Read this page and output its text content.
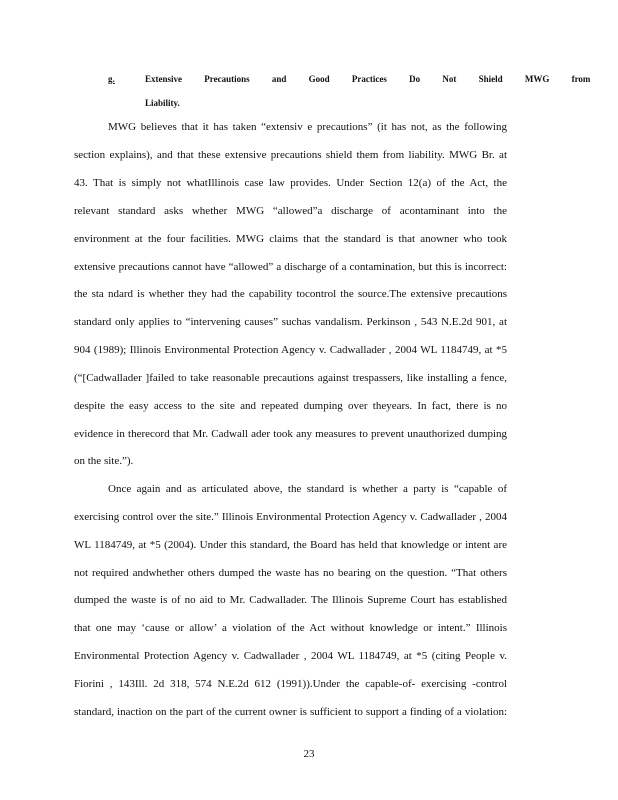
g.	Extensive Precautions and Good Practices Do Not Shield MWG from
Liability.
MWG believes that it has taken “extensiv e precautions” (it has not, as the following
section explains), and that these extensive precautions shield them from liability. MWG Br. at
43. That is simply not whatIllinois case law provides. Under Section 12(a) of the Act, the
relevant standard asks whether MWG “allowed”a discharge of acontaminant into the
environment at the four facilities. MWG claims that the standard is that anowner who took
extensive precautions cannot have “allowed” a discharge of a contamination, but this is incorrect:
the sta ndard is whether they had the capability tocontrol the source.The extensive precautions
standard only applies to “intervening causes” suchas vandalism. Perkinson , 543 N.E.2d 901, at
904 (1989); Illinois Environmental Protection Agency v. Cadwallader , 2004 WL 1184749, at *5
(“[Cadwallader ]failed to take reasonable precautions against trespassers, like installing a fence,
despite the easy access to the site and repeated dumping over theyears. In fact, there is no
evidence in therecord that Mr. Cadwall ader took any measures to prevent unauthorized dumping
on the site.”).
Once again and as articulated above, the standard is whether a party is “capable of
exercising control over the site.” Illinois Environmental Protection Agency v. Cadwallader , 2004
WL 1184749, at *5 (2004). Under this standard, the Board has held that knowledge or intent are
not required andwhether others dumped the waste has no bearing on the question. “That others
dumped the waste is of no aid to Mr. Cadwallader. The Illinois Supreme Court has established
that one may ‘cause or allow’ a violation of the Act without knowledge or intent.” Illinois
Environmental Protection Agency v. Cadwallader , 2004 WL 1184749, at *5 (citing People v.
Fiorini , 143Ill. 2d 318, 574 N.E.2d 612 (1991)).Under the capable-of- exercising -control
standard, inaction on the part of the current owner is sufficient to support a finding of a violation:
23
